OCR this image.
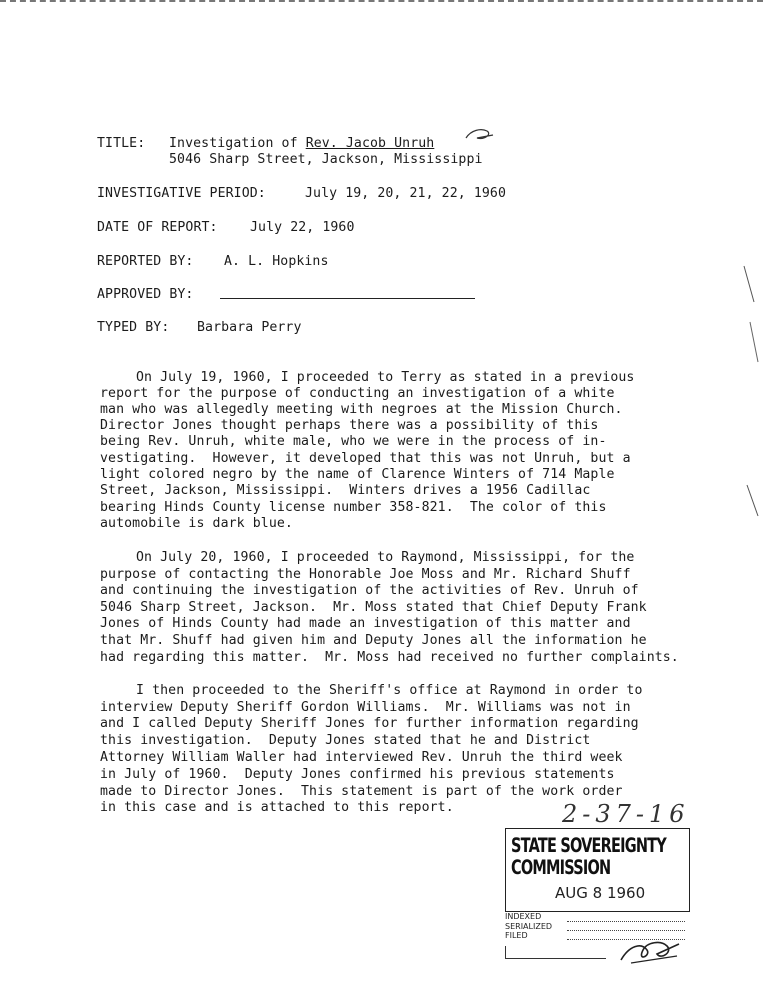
TITLE: Investigation of Rev. Jacob Unruh
5046 Sharp Street, Jackson, Mississippi
INVESTIGATIVE PERIOD:	July 19, 20, 21, 22, 1960
DATE OF REPORT: July 22, 1960
REPORTED BY: A. L. Hopkins
APPROVED BY:
TYPED BY: Barbara Perry
On July 19, 1960, I proceeded to Terry as stated in a previous
report for the purpose of conducting an investigation of a white
man who was allegedly meeting with negroes at the Mission Church.
Director Jones thought perhaps there was a possibility of this
being Rev. Unruh, white male, who we were in the process of in-
vestigating.  However, it developed that this was not Unruh, but a
light colored negro by the name of Clarence Winters of 714 Maple
Street, Jackson, Mississippi.  Winters drives a 1956 Cadillac
bearing Hinds County license number 358-821.  The color of this
automobile is dark blue.
On July 20, 1960, I proceeded to Raymond, Mississippi, for the
purpose of contacting the Honorable Joe Moss and Mr. Richard Shuff
and continuing the investigation of the activities of Rev. Unruh of
5046 Sharp Street, Jackson.  Mr. Moss stated that Chief Deputy Frank
Jones of Hinds County had made an investigation of this matter and
that Mr. Shuff had given him and Deputy Jones all the information he
had regarding this matter.  Mr. Moss had received no further complaints.
I then proceeded to the Sheriff's office at Raymond in order to
interview Deputy Sheriff Gordon Williams.  Mr. Williams was not in
and I called Deputy Sheriff Jones for further information regarding
this investigation.  Deputy Jones stated that he and District
Attorney William Waller had interviewed Rev. Unruh the third week
in July of 1960.  Deputy Jones confirmed his previous statements
made to Director Jones.  This statement is part of the work order
in this case and is attached to this report.	2-37-16
STATE SOVEREIGNTY COMMISSION
AUG 8 1960
INDEXED
SERIALIZED
FILED
